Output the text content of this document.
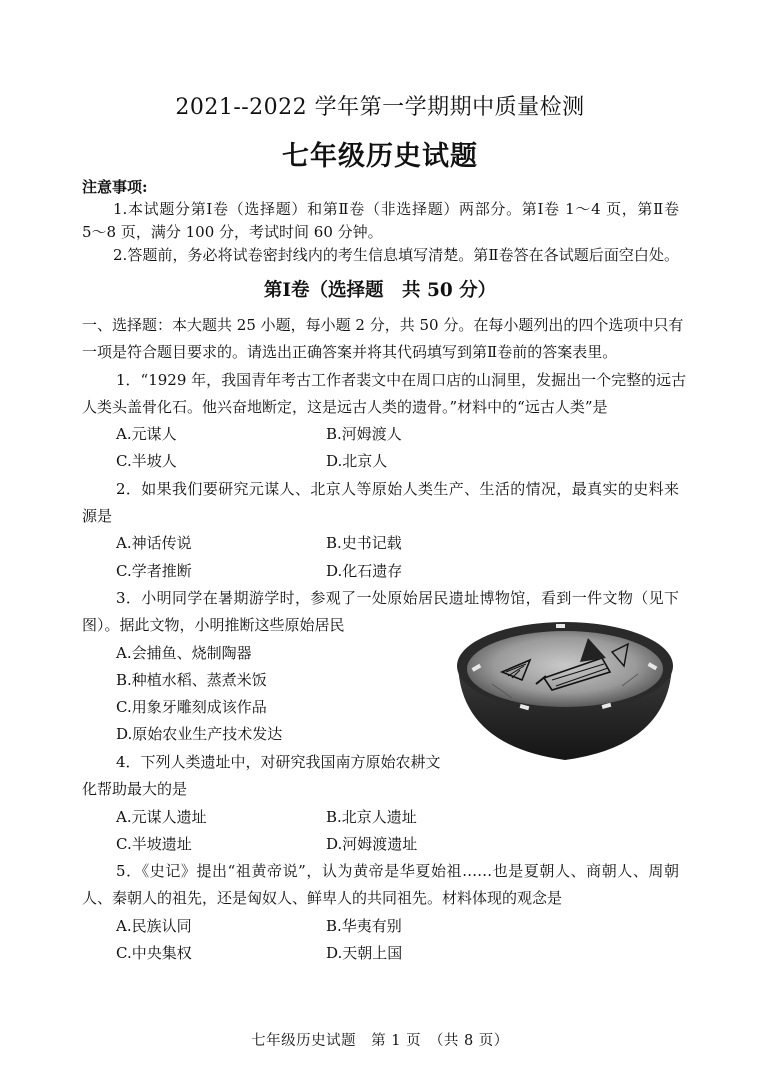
2021--2022 学年第一学期期中质量检测
七年级历史试题
注意事项:
1.本试题分第Ⅰ卷（选择题）和第Ⅱ卷（非选择题）两部分。第Ⅰ卷 1～4 页，第Ⅱ卷
5～8 页，满分 100 分，考试时间 60 分钟。
2.答题前，务必将试卷密封线内的考生信息填写清楚。第Ⅱ卷答在各试题后面空白处。
第Ⅰ卷（选择题　共 50 分）
一、选择题：本大题共 25 小题，每小题 2 分，共 50 分。在每小题列出的四个选项中只有
一项是符合题目要求的。请选出正确答案并将其代码填写到第Ⅱ卷前的答案表里。
1．“1929 年，我国青年考古工作者裴文中在周口店的山洞里，发掘出一个完整的远古
人类头盖骨化石。他兴奋地断定，这是远古人类的遗骨。”材料中的“远古人类”是
A.元谋人	B.河姆渡人
C.半坡人	D.北京人
2．如果我们要研究元谋人、北京人等原始人类生产、生活的情况，最真实的史料来
源是
A.神话传说	B.史书记载
C.学者推断	D.化石遗存
3．小明同学在暑期游学时，参观了一处原始居民遗址博物馆，看到一件文物（见下
图）。据此文物，小明推断这些原始居民
A.会捕鱼、烧制陶器
B.种植水稻、蒸煮米饭
C.用象牙雕刻成该作品
D.原始农业生产技术发达
4．下列人类遗址中，对研究我国南方原始农耕文
化帮助最大的是
A.元谋人遗址	B.北京人遗址
C.半坡遗址	D.河姆渡遗址
5．《史记》提出“祖黄帝说”，认为黄帝是华夏始祖……也是夏朝人、商朝人、周朝
人、秦朝人的祖先，还是匈奴人、鲜卑人的共同祖先。材料体现的观念是
A.民族认同	B.华夷有别
C.中央集权	D.天朝上国
七年级历史试题　第 1 页　（共 8 页）
